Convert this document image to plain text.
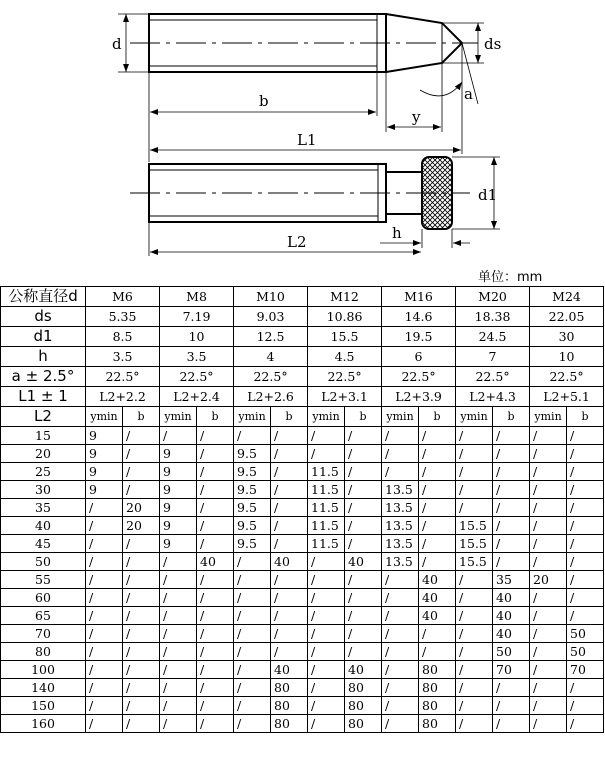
d	ds
b	a
y
L1
d1
h
L2
单位：mm
公称直径d	M6		M8		M10		M12		M16		M20		M24	
ds	5.35		7.19		9.03		10.86		14.6		18.38		22.05	
d1	8.5		10		12.5		15.5		19.5		24.5		30	
h	3.5		3.5		4		4.5		6		7		10	
a ± 2.5°	22.5°		22.5°		22.5°		22.5°		22.5°		22.5°		22.5°	
L1 ± 1	L2+2.2		L2+2.4		L2+2.6		L2+3.1		L2+3.9		L2+4.3		L2+5.1	
L2	ymin	b	ymin	b	ymin	b	ymin	b	ymin	b	ymin	b	ymin	b
15	9	/	/	/	/	/	/	/	/	/	/	/	/	/
20	9	/	9	/	9.5	/	/	/	/	/	/	/	/	/
25	9	/	9	/	9.5	/	11.5	/	/	/	/	/	/	/
30	9	/	9	/	9.5	/	11.5	/	13.5	/	/	/	/	/
35	/	20	9	/	9.5	/	11.5	/	13.5	/	/	/	/	/
40	/	20	9	/	9.5	/	11.5	/	13.5	/	15.5	/	/	/
45	/	/	9	/	9.5	/	11.5	/	13.5	/	15.5	/	/	/
50	/	/	/	40	/	40	/	40	13.5	/	15.5	/	/	/
55	/	/	/	/	/	/	/	/	/	40	/	35	20	/
60	/	/	/	/	/	/	/	/	/	40	/	40	/	/
65	/	/	/	/	/	/	/	/	/	40	/	40	/	/
70	/	/	/	/	/	/	/	/	/	/	/	40	/	50
80	/	/	/	/	/	/	/	/	/	/	/	50	/	50
100	/	/	/	/	/	40	/	40	/	80	/	70	/	70
140	/	/	/	/	/	80	/	80	/	80	/	/	/	/
150	/	/	/	/	/	80	/	80	/	80	/	/	/	/
160	/	/	/	/	/	80	/	80	/	80	/	/	/	/
